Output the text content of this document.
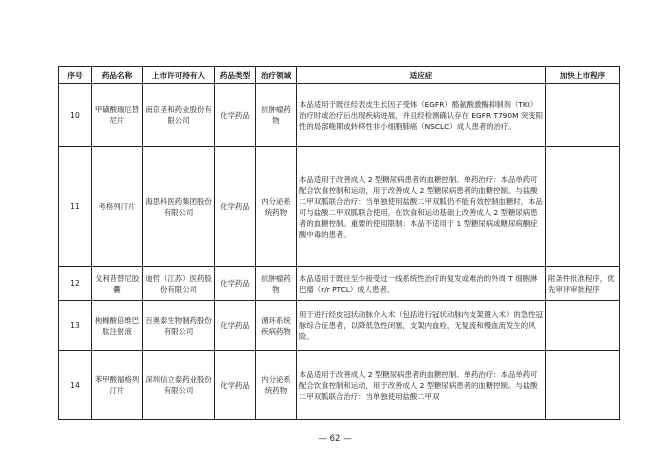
序号	药品名称	上市许可持有人	药品类型	治疗领域	适应症	加快上市程序
10	甲磺酸瑞厄替尼片	南京圣和药业股份有限公司	化学药品	抗肿瘤药物	本品适用于既往经表皮生长因子受体（EGFR）酪氨酸激酶抑制剂（TKI）治疗时或治疗后出现疾病进展，并且经检测确认存在 EGFR T790M 突变阳性的局部晚期或转移性非小细胞肺癌（NSCLC）成人患者的治疗。	
11	考格列汀片	海思科医药集团股份有限公司	化学药品	内分泌系统药物	本品适用于改善成人 2 型糖尿病患者的血糖控制。单药治疗：本品单药可配合饮食控制和运动，用于改善成人 2 型糖尿病患者的血糖控制。与盐酸二甲双胍联合治疗：当单独使用盐酸二甲双胍仍不能有效控制血糖时，本品可与盐酸二甲双胍联合使用，在饮食和运动基础上改善成人 2 型糖尿病患者的血糖控制。重要的使用限制：本品不适用于 1 型糖尿病或糖尿病酮症酸中毒的患者。	
12	戈利昔替尼胶囊	迪哲（江苏）医药股份有限公司	化学药品	抗肿瘤药物	本品适用于既往至少接受过一线系统性治疗的复发或难治的外周 T 细胞淋巴瘤（r/r PTCL）成人患者。	附条件批准程序，优先审评审批程序
13	枸橼酸倍维巴肽注射液	百奥泰生物制药股份有限公司	化学药品	循环系统疾病药物	用于进行经皮冠状动脉介入术（包括进行冠状动脉内支架置入术）的急性冠脉综合征患者，以降低急性闭塞，支架内血栓，无复流和慢血流发生的风险。	
14	苯甲酸福格列汀片	深圳信立泰药业股份有限公司	化学药品	内分泌系统药物	本品适用于改善成人 2 型糖尿病患者的血糖控制。单药治疗：本品单药可配合饮食控制和运动，用于改善成人 2 型糖尿病患者的血糖控制。与盐酸二甲双胍联合治疗：当单独使用盐酸二甲双	
— 62 —
